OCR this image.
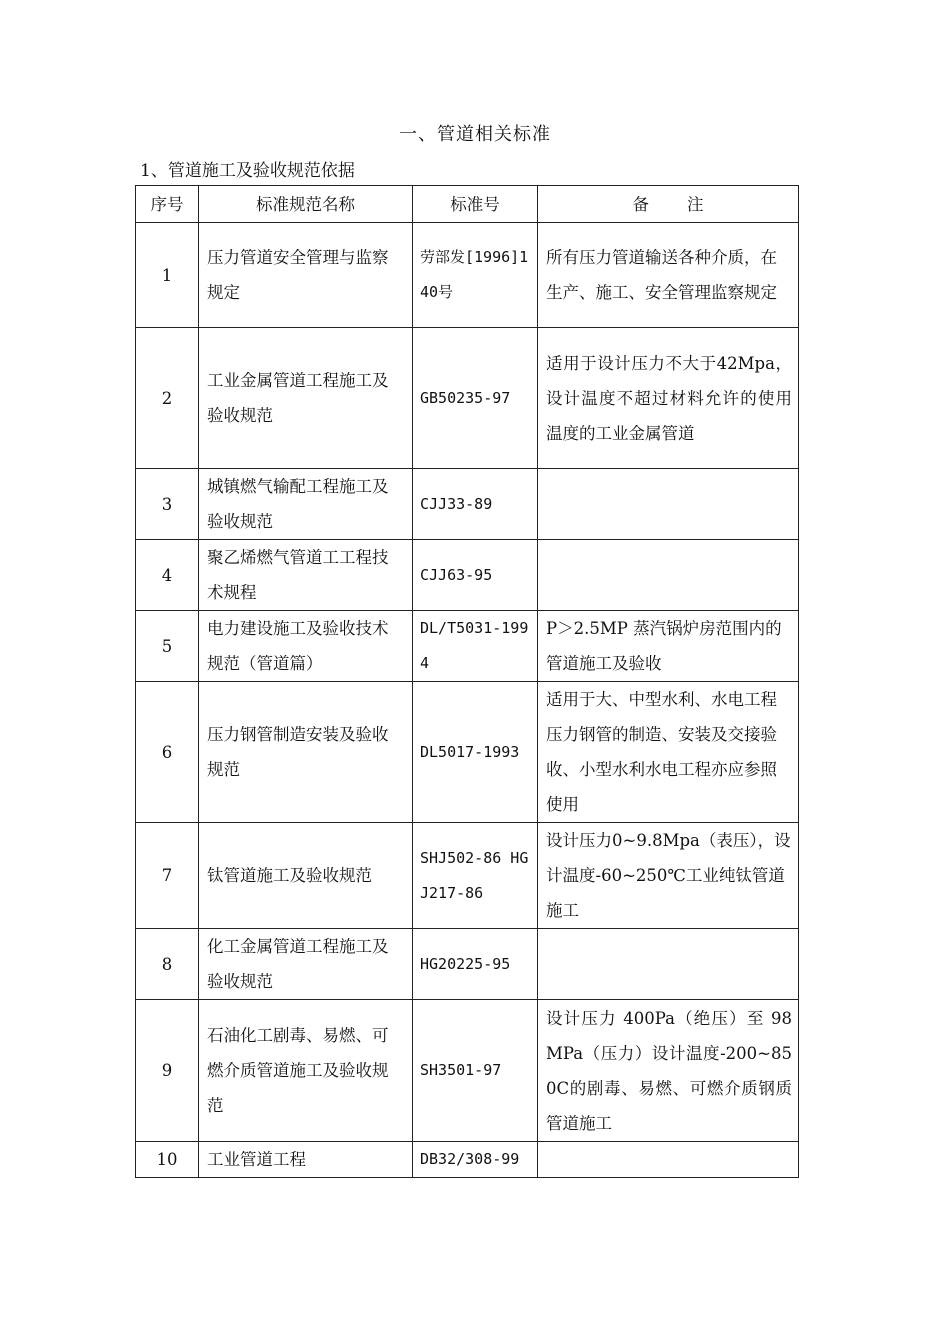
一、管道相关标准
1、管道施工及验收规范依据
序号	标准规范名称	标准号	备 注
1	压力管道安全管理与监察规定	劳部发[1996]140号	所有压力管道输送各种介质，在生产、施工、安全管理监察规定
2	工业金属管道工程施工及验收规范	GB50235-97	适用于设计压力不大于42Mpa，设计温度不超过材料允许的使用温度的工业金属管道
3	城镇燃气输配工程施工及验收规范	CJJ33-89	
4	聚乙烯燃气管道工工程技术规程	CJJ63-95	
5	电力建设施工及验收技术规范（管道篇）	DL/T5031-1994	P＞2.5MP 蒸汽锅炉房范围内的管道施工及验收
6	压力钢管制造安装及验收规范	DL5017-1993	适用于大、中型水利、水电工程压力钢管的制造、安装及交接验收、小型水利水电工程亦应参照使用
7	钛管道施工及验收规范	SHJ502-86 HGJ217-86	设计压力0~9.8Mpa（表压），设计温度-60~250℃工业纯钛管道施工
8	化工金属管道工程施工及验收规范	HG20225-95	
9	石油化工剧毒、易燃、可燃介质管道施工及验收规范	SH3501-97	设计压力 400Pa（绝压）至 98MPa（压力）设计温度-200~850C的剧毒、易燃、可燃介质钢质管道施工
10	工业管道工程	DB32/308-99	
